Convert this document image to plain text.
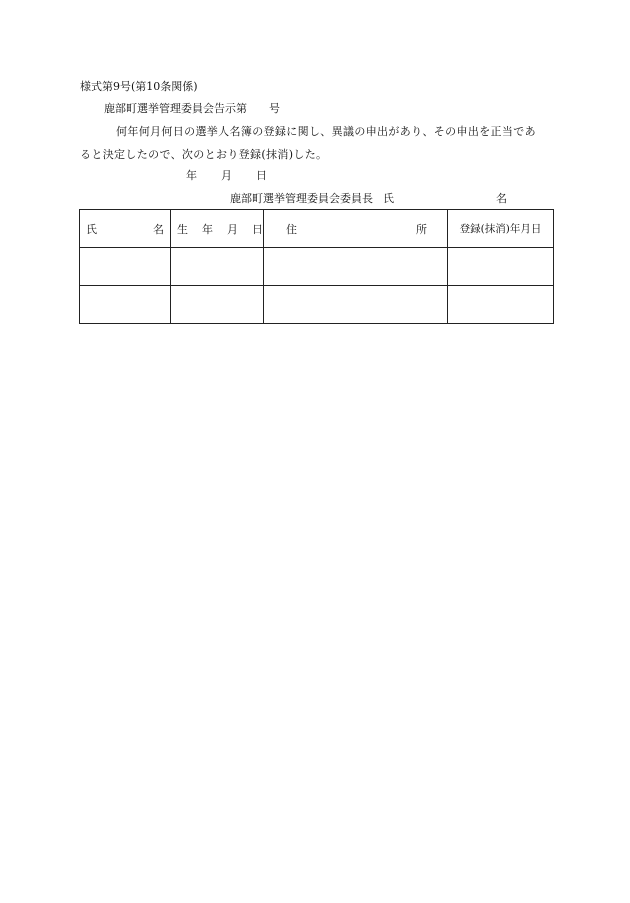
様式第9号(第10条関係)
鹿部町選挙管理委員会告示第 号
何年何月何日の選挙人名簿の登録に関し、異議の申出があり、その申出を正当であ
ると決定したので、次のとおり登録(抹消)した。
年 月 日
鹿部町選挙管理委員会委員長 氏	名
氏 名	生 年 月 日	住 所	登録(抹消)年月日
